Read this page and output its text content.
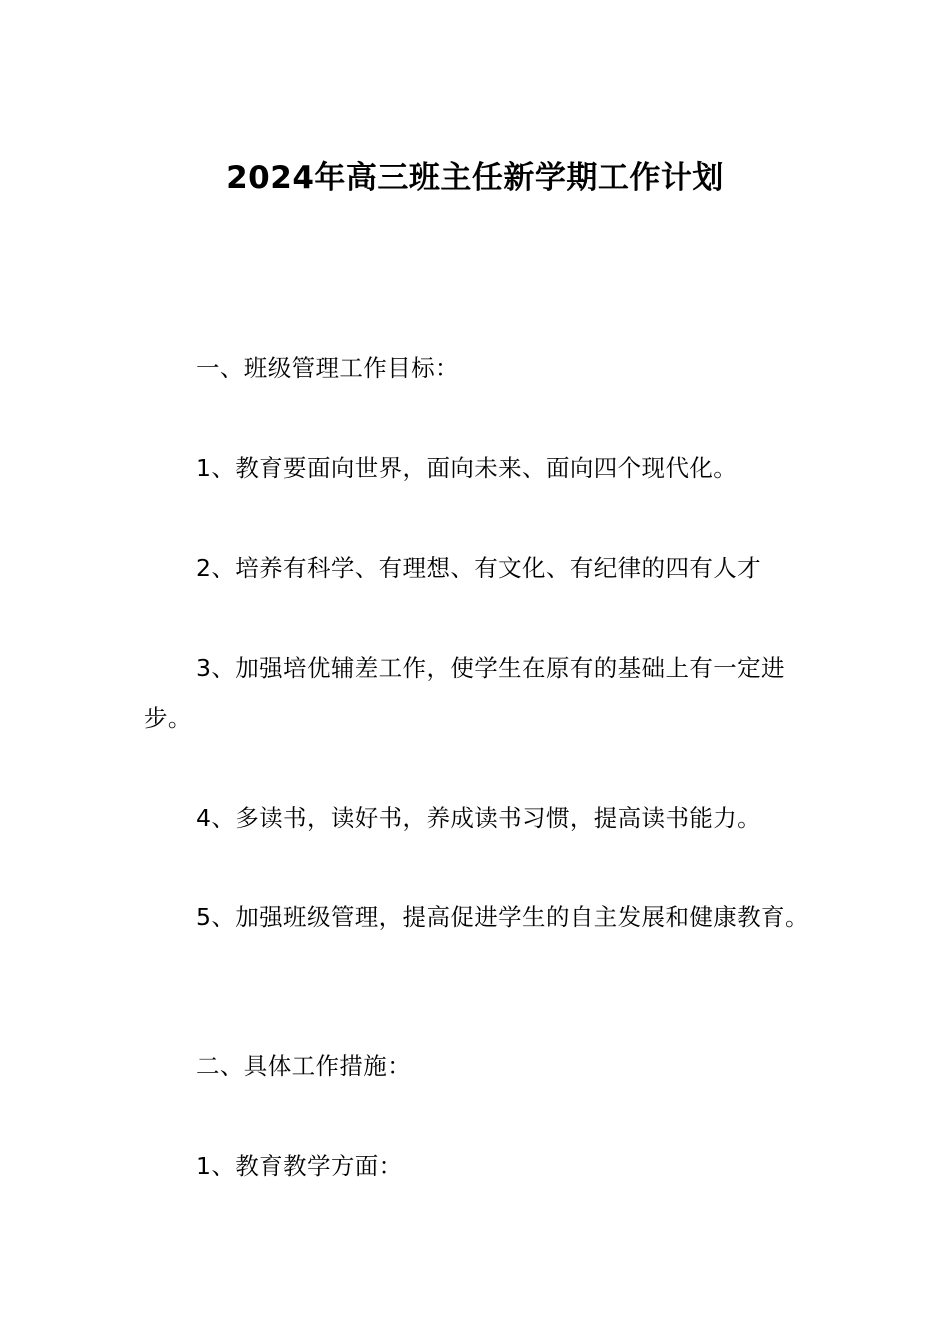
2024年高三班主任新学期工作计划

一、班级管理工作目标：

1、教育要面向世界，面向未来、面向四个现代化。

2、培养有科学、有理想、有文化、有纪律的四有人才

3、加强培优辅差工作，使学生在原有的基础上有一定进步。

4、多读书，读好书，养成读书习惯，提高读书能力。

5、加强班级管理，提高促进学生的自主发展和健康教育。

二、具体工作措施：

1、教育教学方面：
